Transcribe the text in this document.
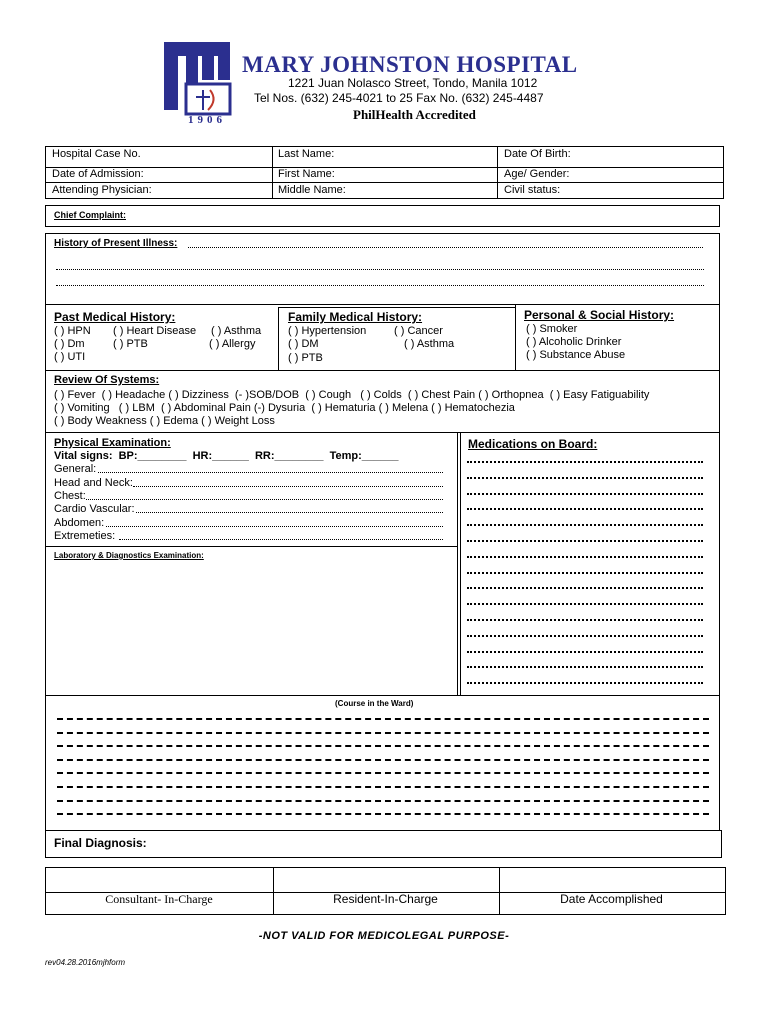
1906
MARY JOHNSTON HOSPITAL
1221 Juan Nolasco Street, Tondo, Manila 1012
Tel Nos. (632) 245-4021 to 25 Fax No. (632) 245-4487
PhilHealth Accredited
Hospital Case No.	Last Name:	Date Of Birth:
Date of Admission:	First Name:	Age/ Gender:
Attending Physician:	Middle Name:	Civil status:
Chief Complaint:
History of Present Illness:
Past Medical History:
( ) HPN ( ) Heart Disease ( ) Asthma
( ) Dm	( ) PTB	( ) Allergy
( ) UTI
Family Medical History:
( ) Hypertension	( ) Cancer
( ) DM	( ) Asthma
( ) PTB
Personal & Social History:
( ) Smoker
( ) Alcoholic Drinker
( ) Substance Abuse
Review Of Systems:
( ) Fever  ( ) Headache ( ) Dizziness  (- )SOB/DOB  ( ) Cough   ( ) Colds  ( ) Chest Pain ( ) Orthopnea  ( ) Easy Fatiguability
( ) Vomiting   ( ) LBM  ( ) Abdominal Pain (-) Dysuria  ( ) Hematuria ( ) Melena ( ) Hematochezia
( ) Body Weakness ( ) Edema ( ) Weight Loss
Physical Examination:
Vital signs:  BP:________  HR:______  RR:________  Temp:______
General:
Head and Neck:
Chest:
Cardio Vascular:
Abdomen:
Extremeties:
Laboratory & Diagnostics Examination:
Medications on Board:
(Course in the Ward)
Final Diagnosis:
Consultant- In-Charge	Resident-In-Charge	Date Accomplished
-NOT VALID FOR MEDICOLEGAL PURPOSE-
rev04.28.2016mjhform
